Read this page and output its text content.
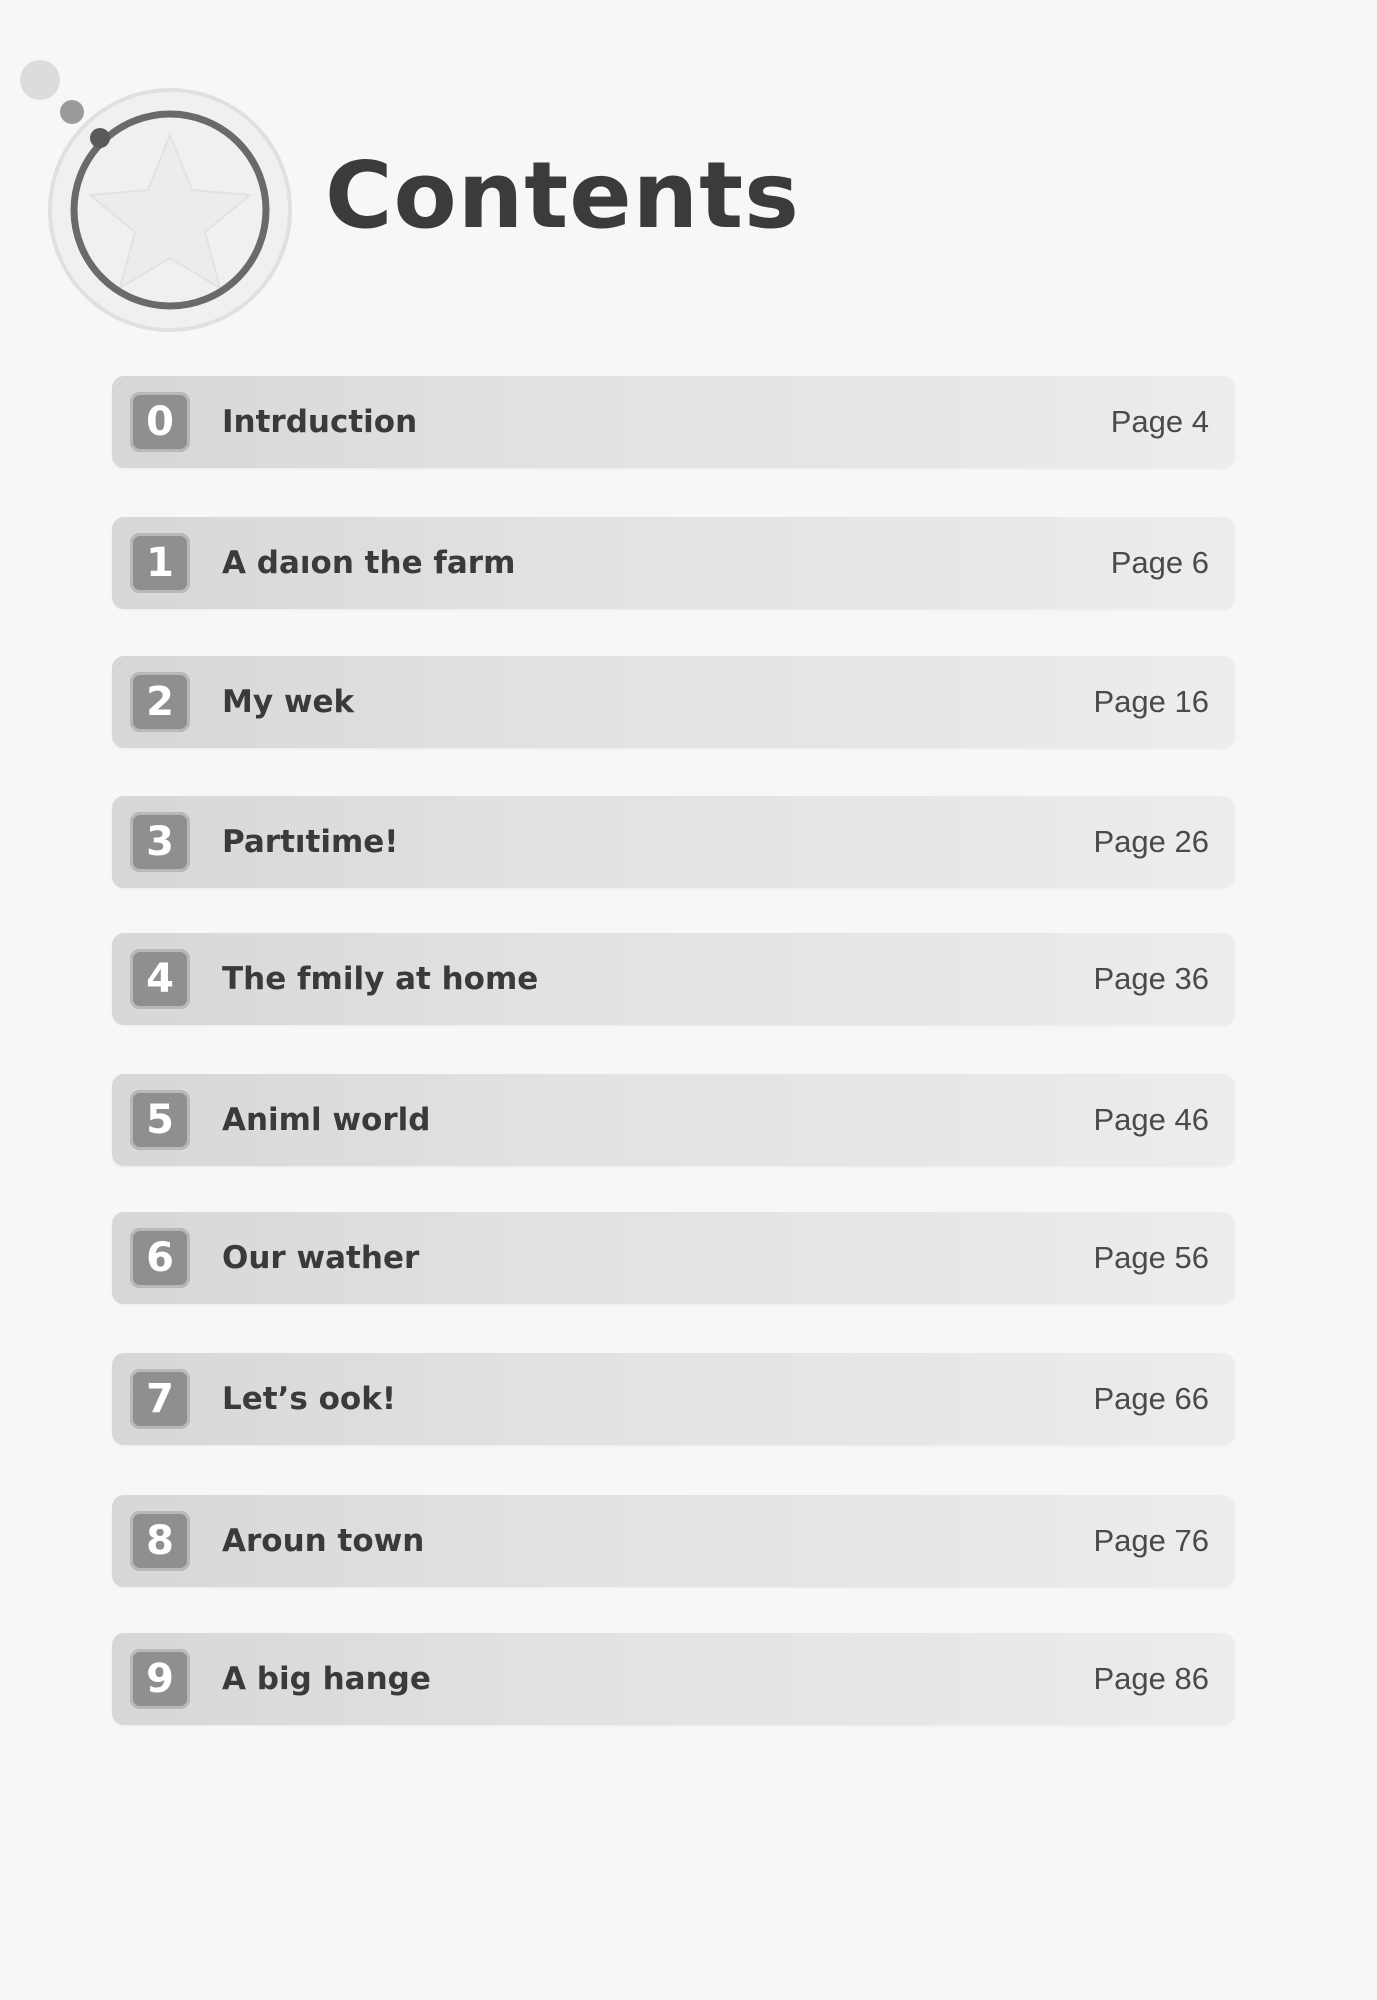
Contents
0	Intrduction	Page 4
1	A daıon the farm	Page 6
2	My wek	Page 16
3	Partıtime!	Page 26
4	The fmily at home	Page 36
5	Animl world	Page 46
6	Our wather	Page 56
7	Let’s ook!	Page 66
8	Aroun town	Page 76
9	A big hange	Page 86
